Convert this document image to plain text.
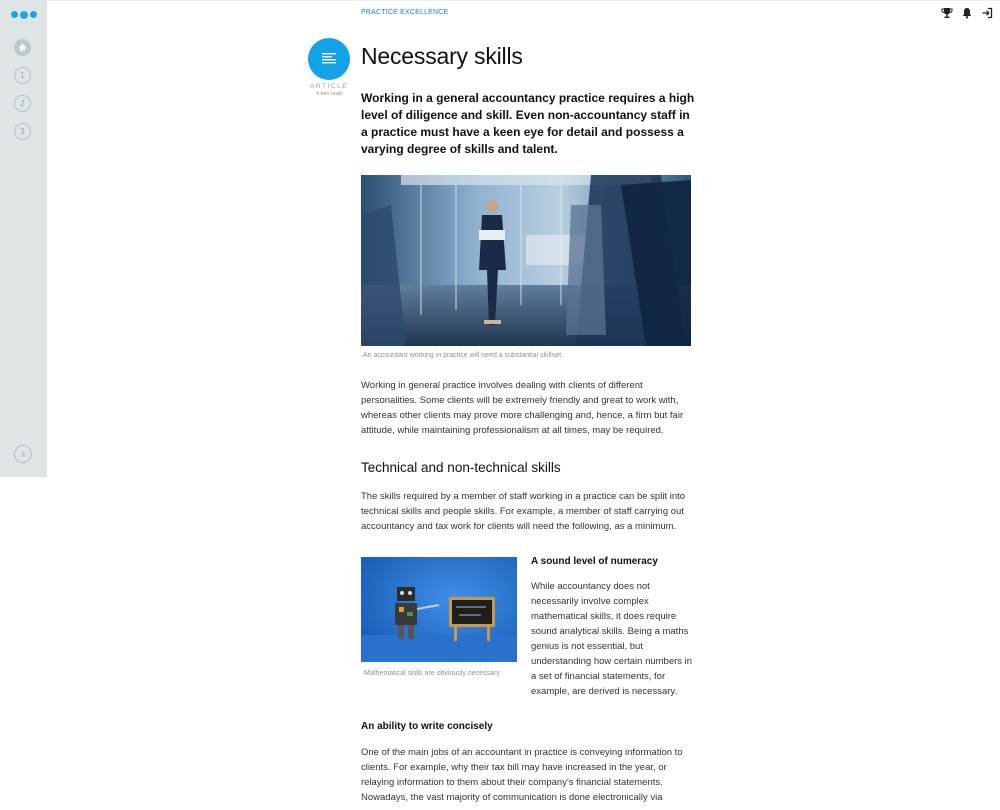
1
2
3
PRACTICE EXCELLENCE
ARTICLE
4 min read
Necessary skills

Working in a general accountancy practice requires a high level of diligence and skill. Even non-accountancy staff in a practice must have a keen eye for detail and possess a varying degree of skills and talent.

An accountant working in practice will need a substantial skillset.

Working in general practice involves dealing with clients of different personalities. Some clients will be extremely friendly and great to work with, whereas other clients may prove more challenging and, hence, a firm but fair attitude, while maintaining professionalism at all times, may be required.

Technical and non-technical skills

The skills required by a member of staff working in a practice can be split into technical skills and people skills. For example, a member of staff carrying out accountancy and tax work for clients will need the following, as a minimum.

Mathematical skills are obviously necessary.
A sound level of numeracy

While accountancy does not necessarily involve complex mathematical skills, it does require sound analytical skills. Being a maths genius is not essential, but understanding how certain numbers in a set of financial statements, for example, are derived is necessary.

An ability to write concisely

One of the main jobs of an accountant in practice is conveying information to clients. For example, why their tax bill may have increased in the year, or relaying information to them about their company's financial statements. Nowadays, the vast majority of communication is done electronically via
